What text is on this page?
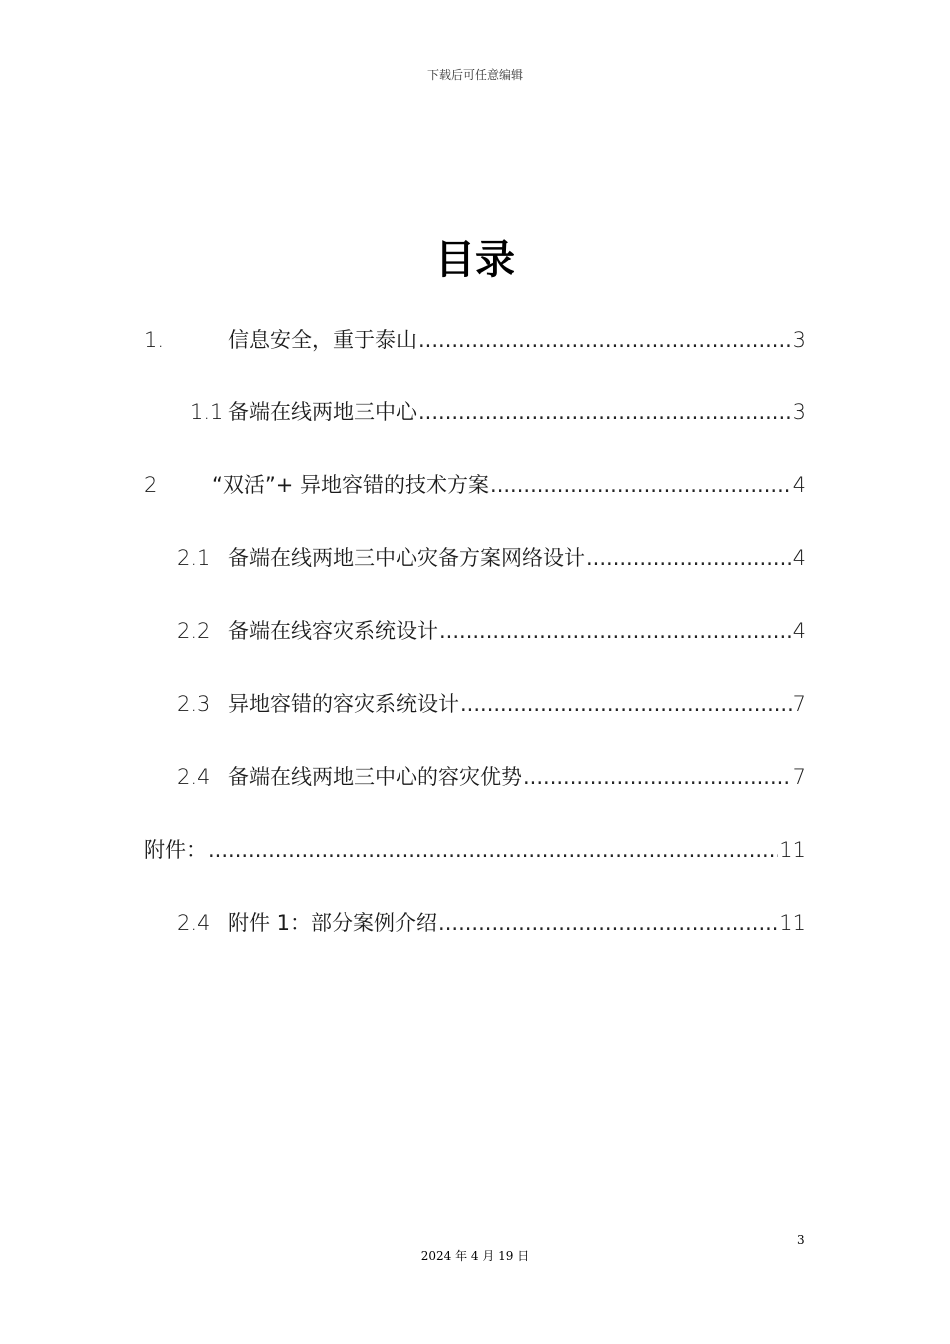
下载后可任意编辑
目录
1.	信息安全，重于泰山 .....	3
1.1 备端在线两地三中心 .....	3
2	“双活”+ 异地容错的技术方案 .....	4
2.1 备端在线两地三中心灾备方案网络设计 .....	4
2.2 备端在线容灾系统设计 .....	4
2.3 异地容错的容灾系统设计 .....	7
2.4 备端在线两地三中心的容灾优势 .....	7
附件： .....	11
2.4 附件 1：部分案例介绍 .....	11
3
2024 年 4 月 19 日
